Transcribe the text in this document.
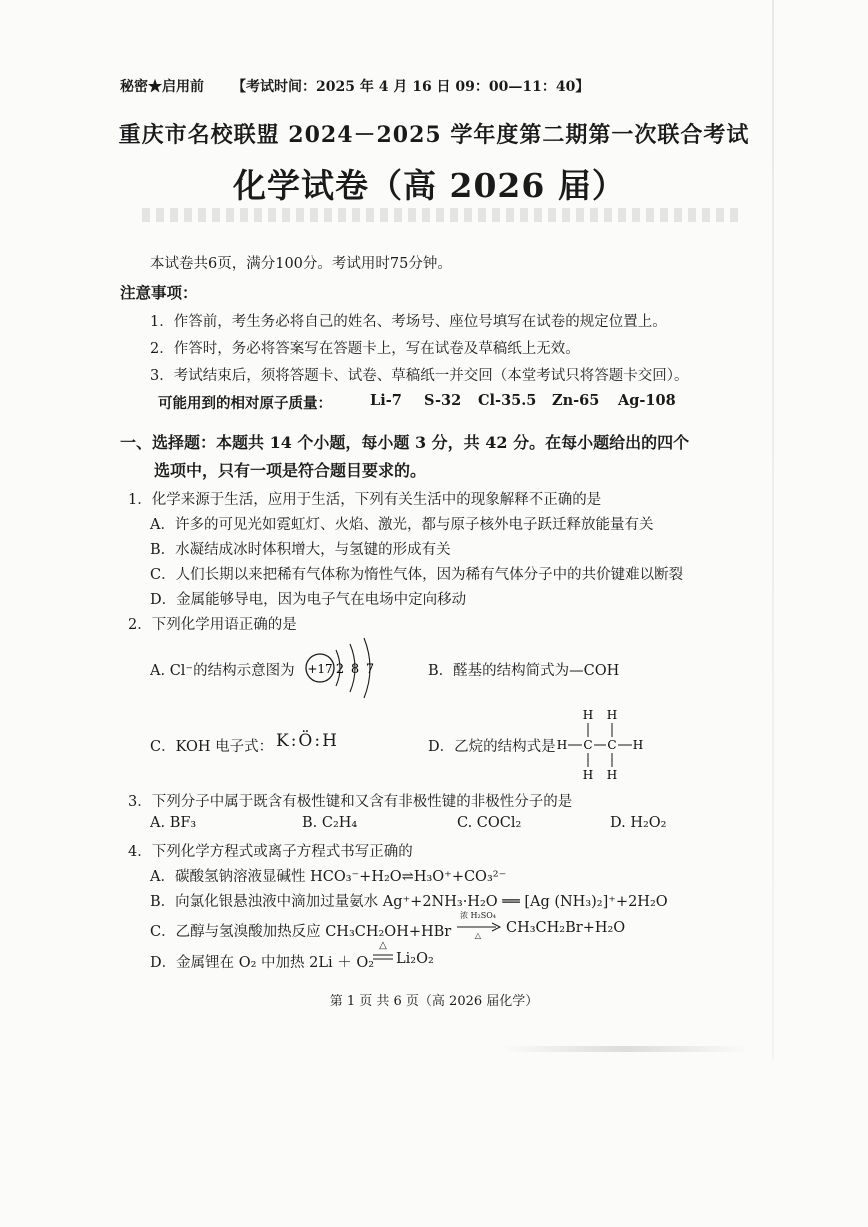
秘密★启用前 【考试时间：2025 年 4 月 16 日 09：00—11：40】
重庆市名校联盟 2024－2025 学年度第二期第一次联合考试
化学试卷（高 2026 届）
本试卷共6页，满分100分。考试用时75分钟。
注意事项：
1．作答前，考生务必将自己的姓名、考场号、座位号填写在试卷的规定位置上。
2．作答时，务必将答案写在答题卡上，写在试卷及草稿纸上无效。
3．考试结束后，须将答题卡、试卷、草稿纸一并交回（本堂考试只将答题卡交回）。
可能用到的相对原子质量：	Li-7 S-32 Cl-35.5 Zn-65 Ag-108
一、选择题：本题共 14 个小题，每小题 3 分，共 42 分。在每小题给出的四个
选项中，只有一项是符合题目要求的。
1．化学来源于生活，应用于生活，下列有关生活中的现象解释不正确的是
A．许多的可见光如霓虹灯、火焰、激光，都与原子核外电子跃迁释放能量有关
B．水凝结成冰时体积增大，与氢键的形成有关
C．人们长期以来把稀有气体称为惰性气体，因为稀有气体分子中的共价键难以断裂
D．金属能够导电，因为电子气在电场中定向移动
2．下列化学用语正确的是
A. Cl⁻的结构示意图为 +17 2 8 7	B．醛基的结构简式为—COH
C．KOH 电子式： K:Ö:H	D．乙烷的结构式是
H H
H C C H
H H
3．下列分子中属于既含有极性键和又含有非极性键的非极性分子的是
A. BF₃	B. C₂H₄	C. COCl₂	D. H₂O₂
4．下列化学方程式或离子方程式书写正确的
A．碳酸氢钠溶液显碱性 HCO₃⁻+H₂O⇌H₃O⁺+CO₃²⁻
B．向氯化银悬浊液中滴加过量氨水 Ag⁺+2NH₃·H₂O ══ [Ag (NH₃)₂]⁺+2H₂O
C．乙醇与氢溴酸加热反应 CH₃CH₂OH+HBr
浓 H₂SO₄
△	CH₃CH₂Br+H₂O
D．金属锂在 O₂ 中加热 2Li ＋ O₂
△
Li₂O₂
第 1 页 共 6 页（高 2026 届化学）
